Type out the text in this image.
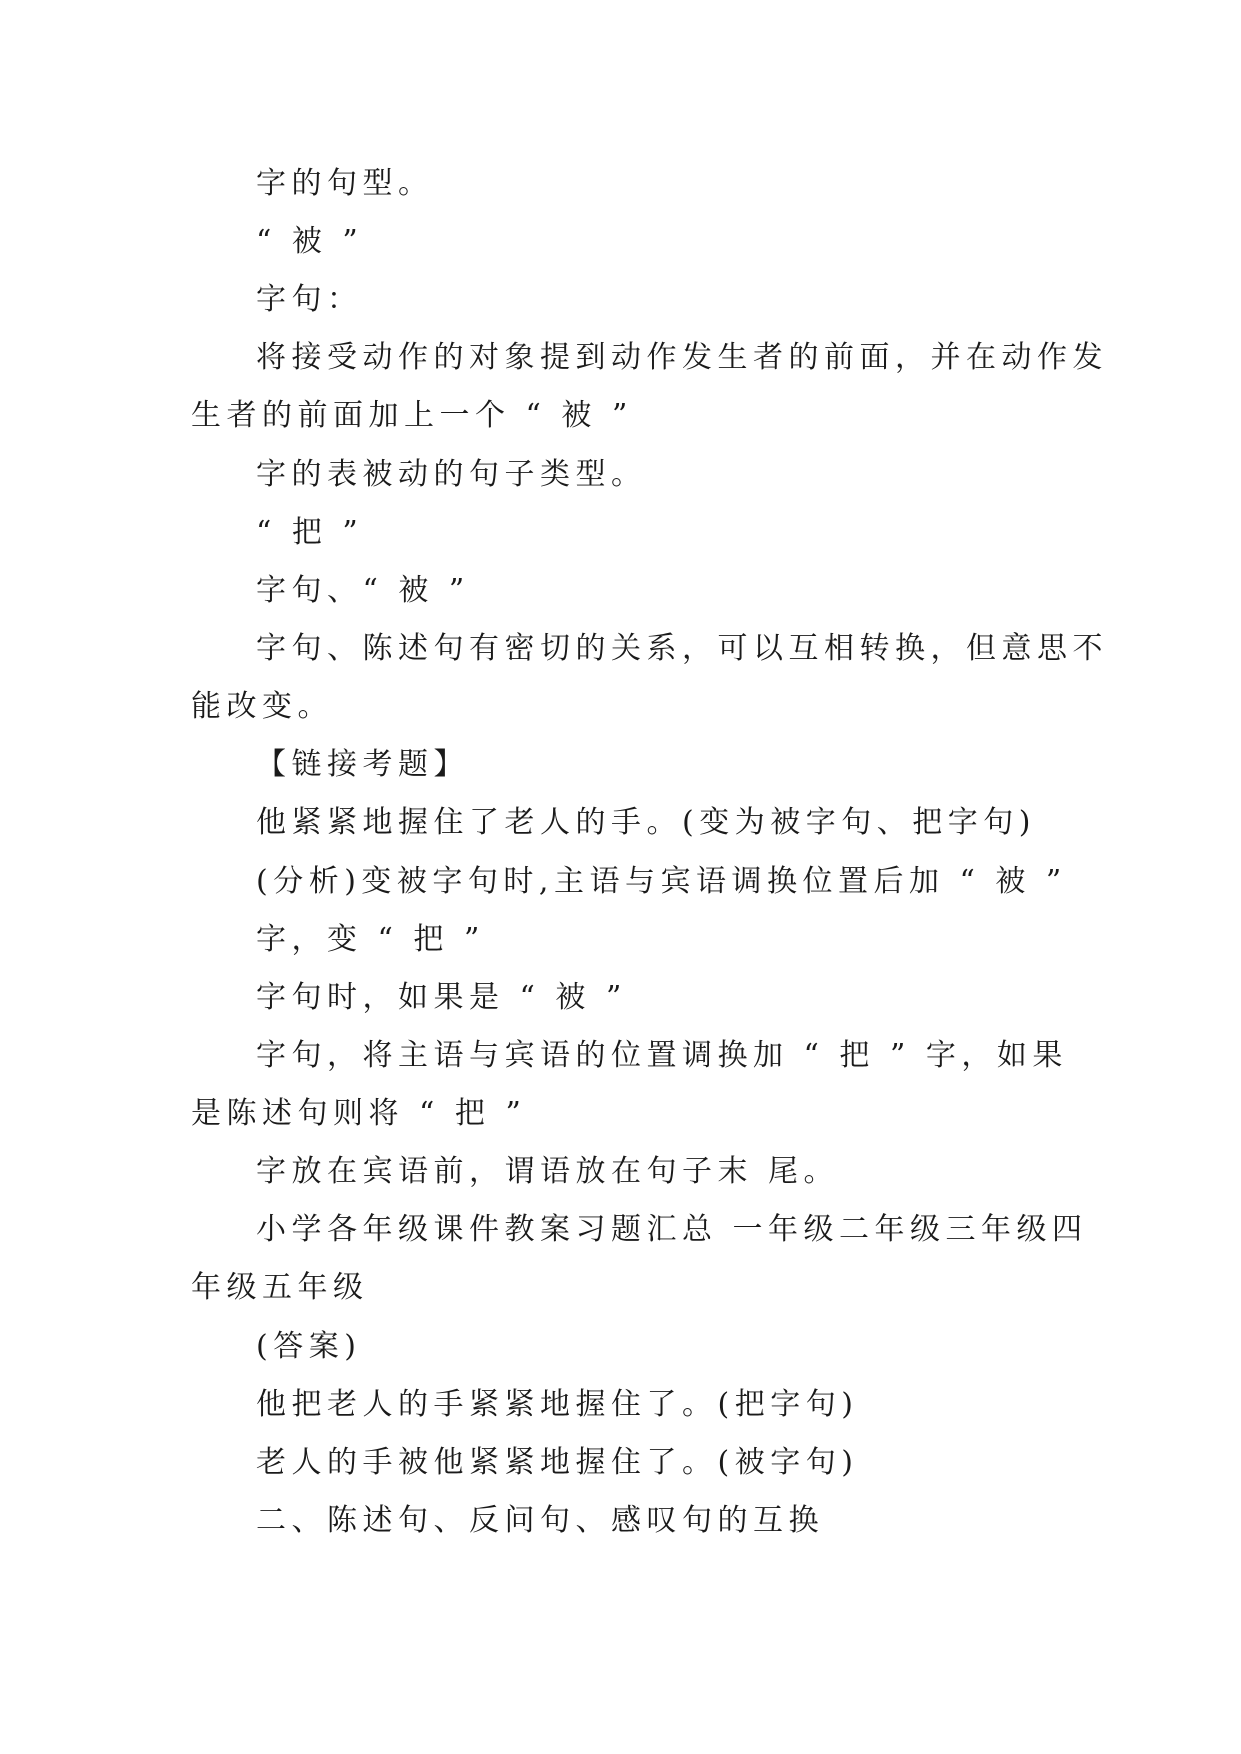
字的句型。
“ 被 ”
字句：
将接受动作的对象提到动作发生者的前面，并在动作发
生者的前面加上一个 “ 被 ”
字的表被动的句子类型。
“ 把 ”
字句、“ 被 ”
字句、陈述句有密切的关系，可以互相转换，但意思不
能改变。
【链接考题】
他紧紧地握住了老人的手。(变为被字句、把字句)
(分析)变被字句时,主语与宾语调换位置后加 “ 被 ”
字，变 “ 把 ”
字句时，如果是 “ 被 ”
字句，将主语与宾语的位置调换加 “ 把 ” 字，如果
是陈述句则将 “ 把 ”
字放在宾语前，谓语放在句子末 尾。
小学各年级课件教案习题汇总 一年级二年级三年级四
年级五年级
(答案)
他把老人的手紧紧地握住了。(把字句)
老人的手被他紧紧地握住了。(被字句)
二、陈述句、反问句、感叹句的互换
